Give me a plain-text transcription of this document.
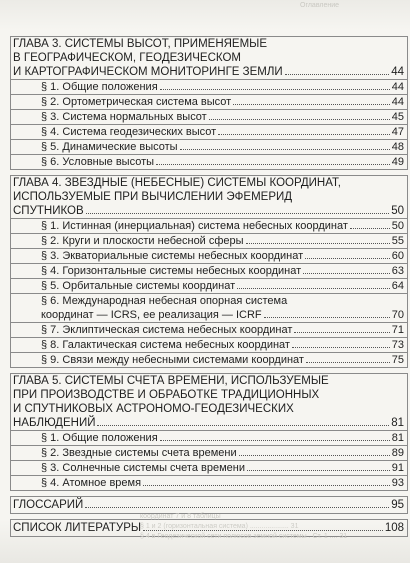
Оглавление
ГЛАВА 3. СИСТЕМЫ ВЫСОТ, ПРИМЕНЯЕМЫЕ
В ГЕОГРАФИЧЕСКОМ, ГЕОДЕЗИЧЕСКОМ
И КАРТОГРАФИЧЕСКОМ МОНИТОРИНГЕ ЗЕМЛИ	44
§ 1. Общие положения	44
§ 2. Ортометрическая система высот	44
§ 3. Система нормальных высот	45
§ 4. Система геодезических высот	47
§ 5. Динамические высоты	48
§ 6. Условные высоты	49
ГЛАВА 4. ЗВЕЗДНЫЕ (НЕБЕСНЫЕ) СИСТЕМЫ КООРДИНАТ,
ИСПОЛЬЗУЕМЫЕ ПРИ ВЫЧИСЛЕНИИ ЭФЕМЕРИД
СПУТНИКОВ	50
§ 1. Истинная (инерциальная) система небесных координат	50
§ 2. Круги и плоскости небесной сферы	55
§ 3. Экваториальные системы небесных координат	60
§ 4. Горизонтальные системы небесных координат	63
§ 5. Орбитальные системы координат	64
§ 6. Международная небесная опорная система
координат — ICRS, ее реализация — ICRF	70
§ 7. Эклиптическая система небесных координат	71
§ 8. Галактическая система небесных координат	73
§ 9. Связи между небесными системами координат	75
ГЛАВА 5. СИСТЕМЫ СЧЕТА ВРЕМЕНИ, ИСПОЛЬЗУЕМЫЕ
ПРИ ПРОИЗВОДСТВЕ И ОБРАБОТКЕ ТРАДИЦИОННЫХ
И СПУТНИКОВЫХ АСТРОНОМО-ГЕОДЕЗИЧЕСКИХ
НАБЛЮДЕНИЙ	81
§ 1. Общие положения	81
§ 2. Звездные системы счета времени	89
§ 3. Солнечные системы счета времени	91
§ 4. Атомное время	93
ГЛОССАРИЙ	95
СПИСОК ЛИТЕРАТУРЫ	108
координат 7 и 8 таблицы
§ 1 и 2 (горизонтальная система) .................... 31
§ 4 в Геодезической сети полюсов земной системы . Ст. 1 .... 31
